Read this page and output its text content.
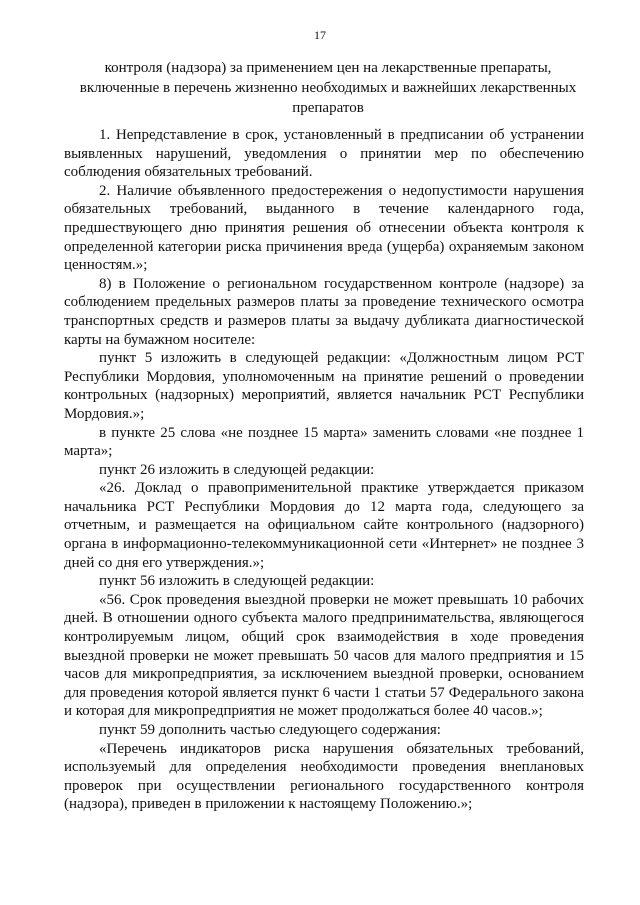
17
контроля (надзора) за применением цен на лекарственные препараты, включенные в перечень жизненно необходимых и важнейших лекарственных препаратов

1. Непредставление в срок, установленный в предписании об устранении выявленных нарушений, уведомления о принятии мер по обеспечению соблюдения обязательных требований.

2. Наличие объявленного предостережения о недопустимости нарушения обязательных требований, выданного в течение календарного года, предшествующего дню принятия решения об отнесении объекта контроля к определенной категории риска причинения вреда (ущерба) охраняемым законом ценностям.»;

8) в Положение о региональном государственном контроле (надзоре) за соблюдением предельных размеров платы за проведение технического осмотра транспортных средств и размеров платы за выдачу дубликата диагностической карты на бумажном носителе:

пункт 5 изложить в следующей редакции: «Должностным лицом РСТ Республики Мордовия, уполномоченным на принятие решений о проведении контрольных (надзорных) мероприятий, является начальник РСТ Республики Мордовия.»;

в пункте 25 слова «не позднее 15 марта» заменить словами «не позднее 1 марта»;

пункт 26 изложить в следующей редакции:

«26. Доклад о правоприменительной практике утверждается приказом начальника РСТ Республики Мордовия до 12 марта года, следующего за отчетным, и размещается на официальном сайте контрольного (надзорного) органа в информационно-телекоммуникационной сети «Интернет» не позднее 3 дней со дня его утверждения.»;

пункт 56 изложить в следующей редакции:

«56. Срок проведения выездной проверки не может превышать 10 рабочих дней. В отношении одного субъекта малого предпринимательства, являющегося контролируемым лицом, общий срок взаимодействия в ходе проведения выездной проверки не может превышать 50 часов для малого предприятия и 15 часов для микропредприятия, за исключением выездной проверки, основанием для проведения которой является пункт 6 части 1 статьи 57 Федерального закона и которая для микропредприятия не может продолжаться более 40 часов.»;

пункт 59 дополнить частью следующего содержания:

«Перечень индикаторов риска нарушения обязательных требований, используемый для определения необходимости проведения внеплановых проверок при осуществлении регионального государственного контроля (надзора), приведен в приложении к настоящему Положению.»;
